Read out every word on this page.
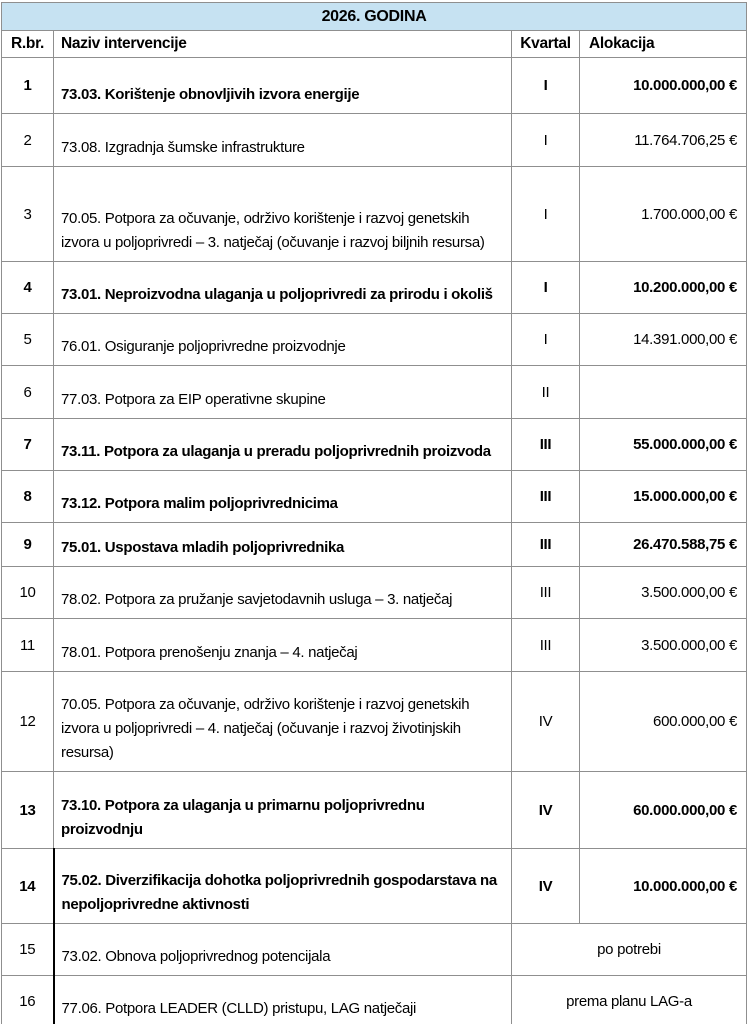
2026. GODINA			
R.br.	Naziv intervencije	Kvartal	Alokacija
1	73.03. Korištenje obnovljivih izvora energije	I	10.000.000,00 €
2	73.08. Izgradnja šumske infrastrukture	I	11.764.706,25 €
3	70.05. Potpora za očuvanje, održivo korištenje i razvoj genetskih izvora u poljoprivredi – 3. natječaj (očuvanje i razvoj biljnih resursa)	I	1.700.000,00 €
4	73.01. Neproizvodna ulaganja u poljoprivredi za prirodu i okoliš	I	10.200.000,00 €
5	76.01. Osiguranje poljoprivredne proizvodnje	I	14.391.000,00 €
6	77.03. Potpora za EIP operativne skupine	II	
7	73.11. Potpora za ulaganja u preradu poljoprivrednih proizvoda	III	55.000.000,00 €
8	73.12. Potpora malim poljoprivrednicima	III	15.000.000,00 €
9	75.01. Uspostava mladih poljoprivrednika	III	26.470.588,75 €
10	78.02. Potpora za pružanje savjetodavnih usluga – 3. natječaj	III	3.500.000,00 €
11	78.01. Potpora prenošenju znanja – 4. natječaj	III	3.500.000,00 €
12	70.05. Potpora za očuvanje, održivo korištenje i razvoj genetskih izvora u poljoprivredi – 4. natječaj (očuvanje i razvoj životinjskih resursa)	IV	600.000,00 €
13	73.10. Potpora za ulaganja u primarnu poljoprivrednu proizvodnju	IV	60.000.000,00 €
14	75.02. Diverzifikacija dohotka poljoprivrednih gospodarstava na nepoljoprivredne aktivnosti	IV	10.000.000,00 €
15	73.02. Obnova poljoprivrednog potencijala	po potrebi	
16	77.06. Potpora LEADER (CLLD) pristupu, LAG natječaji	prema planu LAG-a	
